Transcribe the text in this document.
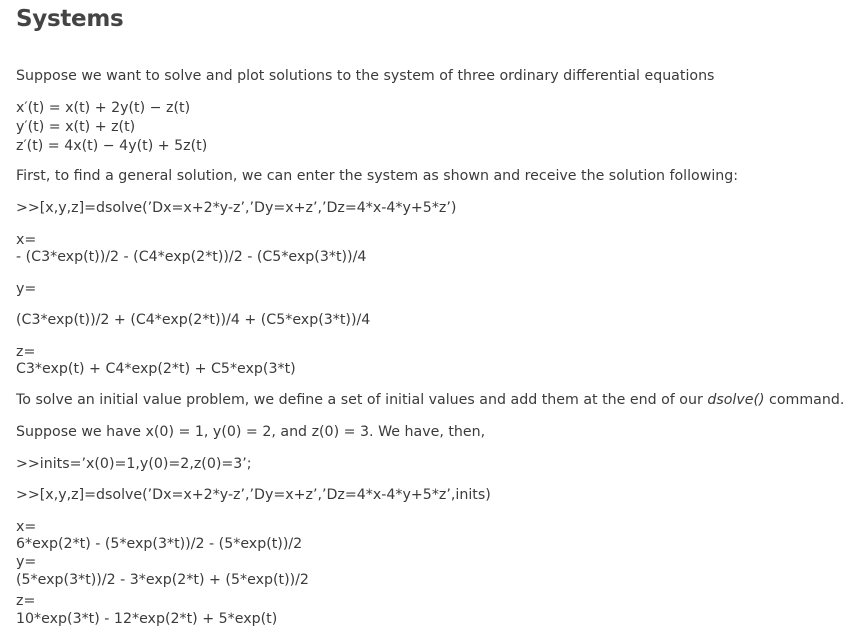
Systems
Suppose we want to solve and plot solutions to the system of three ordinary differential equations
x′(t) = x(t) + 2y(t) − z(t)
y′(t) = x(t) + z(t)
z′(t) = 4x(t) − 4y(t) + 5z(t)
First, to find a general solution, we can enter the system as shown and receive the solution following:
>>[x,y,z]=dsolve(’Dx=x+2*y-z’,’Dy=x+z’,’Dz=4*x-4*y+5*z’)
x=
- (C3*exp(t))/2 - (C4*exp(2*t))/2 - (C5*exp(3*t))/4
y=
(C3*exp(t))/2 + (C4*exp(2*t))/4 + (C5*exp(3*t))/4
z=
C3*exp(t) + C4*exp(2*t) + C5*exp(3*t)
To solve an initial value problem, we define a set of initial values and add them at the end of our dsolve() command.
Suppose we have x(0) = 1, y(0) = 2, and z(0) = 3. We have, then,
>>inits=’x(0)=1,y(0)=2,z(0)=3’;
>>[x,y,z]=dsolve(’Dx=x+2*y-z’,’Dy=x+z’,’Dz=4*x-4*y+5*z’,inits)
x=
6*exp(2*t) - (5*exp(3*t))/2 - (5*exp(t))/2
y=
(5*exp(3*t))/2 - 3*exp(2*t) + (5*exp(t))/2
z=
10*exp(3*t) - 12*exp(2*t) + 5*exp(t)
